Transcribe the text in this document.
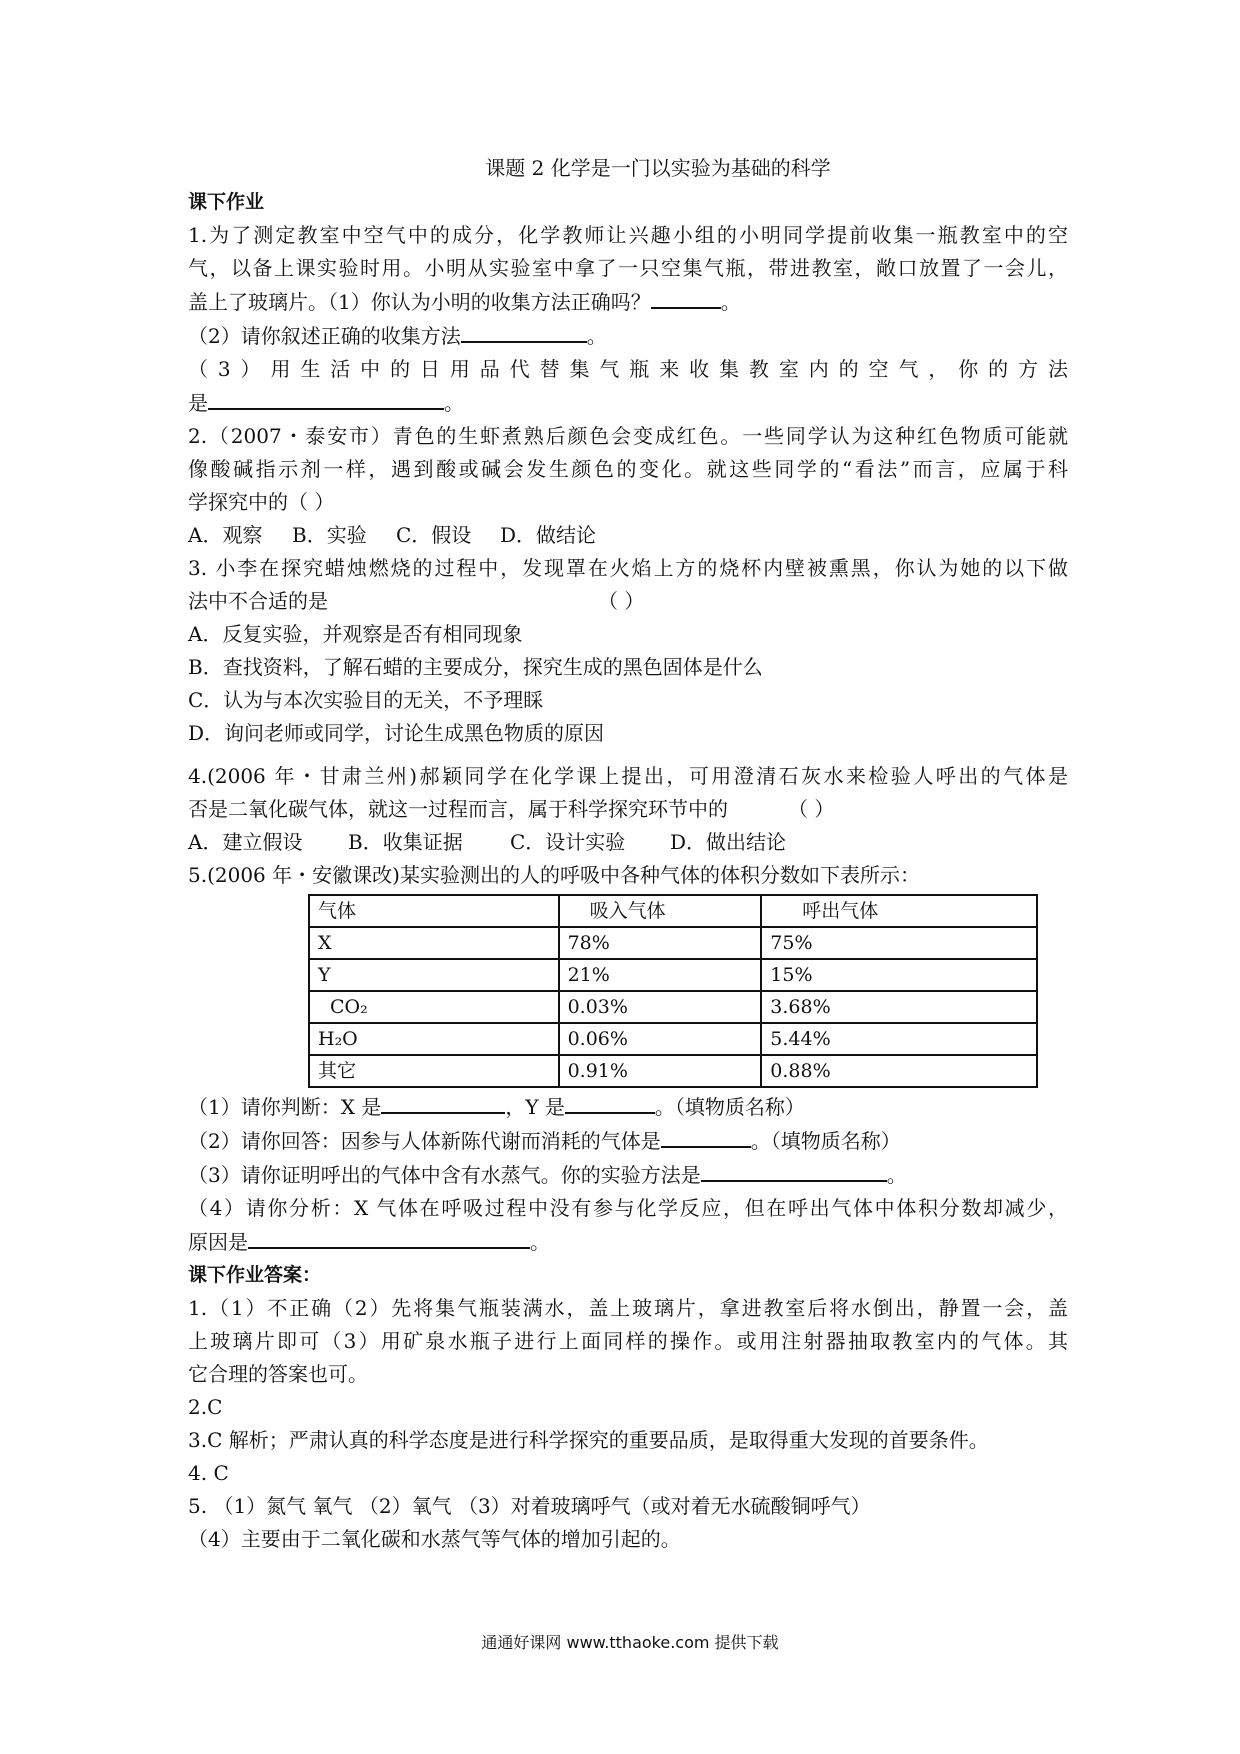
课题 2 化学是一门以实验为基础的科学

课下作业

1.为了测定教室中空气中的成分，化学教师让兴趣小组的小明同学提前收集一瓶教室中的空

气，以备上课实验时用。小明从实验室中拿了一只空集气瓶，带进教室，敞口放置了一会儿，

盖上了玻璃片。（1）你认为小明的收集方法正确吗？	。

（2）请你叙述正确的收集方法	。

（3）用生活中的日用品代替集气瓶来收集教室内的空气，你的方法

是	。

2.（2007・泰安市）青色的生虾煮熟后颜色会变成红色。一些同学认为这种红色物质可能就

像酸碱指示剂一样，遇到酸或碱会发生颜色的变化。就这些同学的“看法”而言，应属于科

学探究中的（ ）

A．观察 B．实验 C．假设 D．做结论

3. 小李在探究蜡烛燃烧的过程中，发现罩在火焰上方的烧杯内壁被熏黑，你认为她的以下做

法中不合适的是	（ ）

A．反复实验，并观察是否有相同现象

B．查找资料，了解石蜡的主要成分，探究生成的黑色固体是什么

C．认为与本次实验目的无关，不予理睬

D．询问老师或同学，讨论生成黑色物质的原因

4.(2006 年・甘肃兰州)郝颖同学在化学课上提出，可用澄清石灰水来检验人呼出的气体是

否是二氧化碳气体，就这一过程而言，属于科学探究环节中的	（ ）

A．建立假设 B．收集证据 C．设计实验 D．做出结论

5.(2006 年・安徽课改)某实验测出的人的呼吸中各种气体的体积分数如下表所示：

气体	吸入气体	呼出气体
X	78%	75%
Y	21%	15%
CO₂	0.03%	3.68%
H₂O	0.06%	5.44%
其它	0.91%	0.88%

（1）请你判断：X 是	，Y 是	。（填物质名称）

（2）请你回答：因参与人体新陈代谢而消耗的气体是	。（填物质名称）

（3）请你证明呼出的气体中含有水蒸气。你的实验方法是	。

（4）请你分析：X 气体在呼吸过程中没有参与化学反应，但在呼出气体中体积分数却减少，

原因是	。

课下作业答案：

1.（1）不正确（2）先将集气瓶装满水，盖上玻璃片，拿进教室后将水倒出，静置一会，盖

上玻璃片即可（3）用矿泉水瓶子进行上面同样的操作。或用注射器抽取教室内的气体。其

它合理的答案也可。

2.C

3.C 解析；严肃认真的科学态度是进行科学探究的重要品质，是取得重大发现的首要条件。

4. C

5. （1）氮气 氧气 （2）氧气 （3）对着玻璃呼气（或对着无水硫酸铜呼气）

（4）主要由于二氧化碳和水蒸气等气体的增加引起的。

通通好课网 www.tthaoke.com 提供下载
